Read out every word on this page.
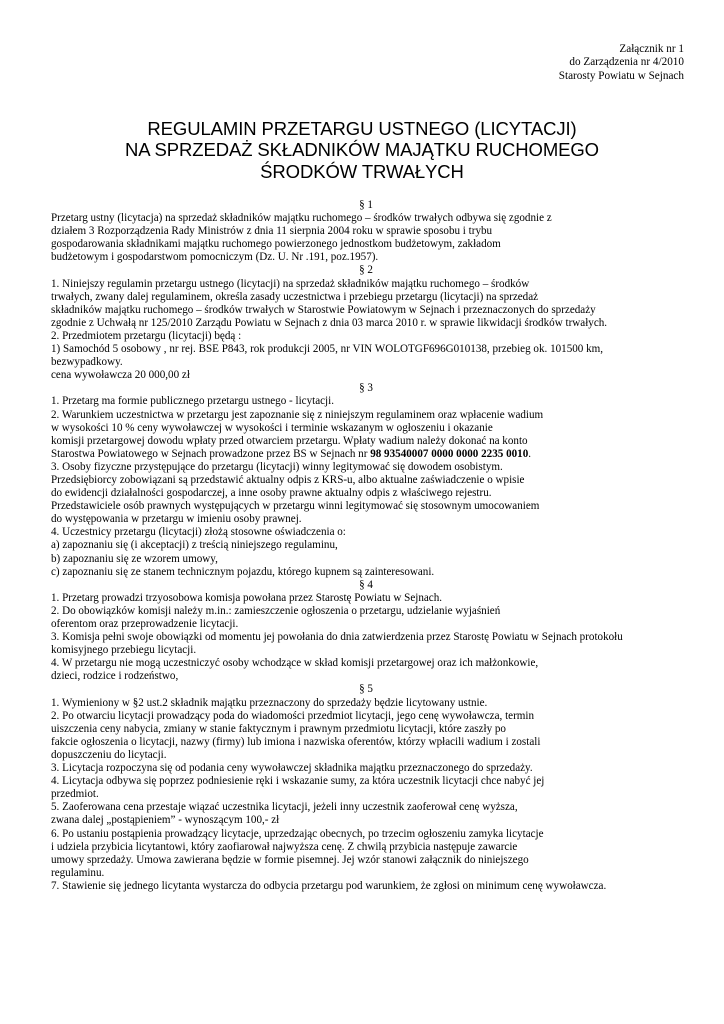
Załącznik nr 1
do Zarządzenia nr 4/2010
Starosty Powiatu w Sejnach
REGULAMIN PRZETARGU USTNEGO (LICYTACJI)
NA SPRZEDAŻ SKŁADNIKÓW MAJĄTKU RUCHOMEGO
ŚRODKÓW TRWAŁYCH
§ 1
Przetarg ustny (licytacja) na sprzedaż składników majątku ruchomego – środków trwałych odbywa się zgodnie z
działem 3 Rozporządzenia Rady Ministrów z dnia 11 sierpnia 2004 roku w sprawie sposobu i trybu
gospodarowania składnikami majątku ruchomego powierzonego jednostkom budżetowym, zakładom
budżetowym i gospodarstwom pomocniczym (Dz. U. Nr .191, poz.1957).
§ 2
1. Niniejszy regulamin przetargu ustnego (licytacji) na sprzedaż składników majątku ruchomego – środków
trwałych, zwany dalej regulaminem, określa zasady uczestnictwa i przebiegu przetargu (licytacji) na sprzedaż
składników majątku ruchomego – środków trwałych w Starostwie Powiatowym w Sejnach i przeznaczonych do sprzedaży
zgodnie z Uchwałą nr 125/2010 Zarządu Powiatu w Sejnach z dnia 03 marca 2010 r. w sprawie likwidacji środków trwałych.
2. Przedmiotem przetargu (licytacji) będą :
1) Samochód 5 osobowy , nr rej. BSE P843, rok produkcji 2005, nr VIN WOLOTGF696G010138, przebieg ok. 101500 km,
bezwypadkowy.
cena wywoławcza 20 000,00 zł
§ 3
1. Przetarg ma formie publicznego przetargu ustnego - licytacji.
2. Warunkiem uczestnictwa w przetargu jest zapoznanie się z niniejszym regulaminem oraz wpłacenie wadium
w wysokości 10 % ceny wywoławczej w wysokości i terminie wskazanym w ogłoszeniu i okazanie
komisji przetargowej dowodu wpłaty przed otwarciem przetargu. Wpłaty wadium należy dokonać na konto
Starostwa Powiatowego w Sejnach prowadzone przez BS w Sejnach nr 98 93540007 0000 0000 2235 0010.
3. Osoby fizyczne przystępujące do przetargu (licytacji) winny legitymować się dowodem osobistym.
Przedsiębiorcy zobowiązani są przedstawić aktualny odpis z KRS-u, albo aktualne zaświadczenie o wpisie
do ewidencji działalności gospodarczej, a inne osoby prawne aktualny odpis z właściwego rejestru.
Przedstawiciele osób prawnych występujących w przetargu winni legitymować się stosownym umocowaniem
do występowania w przetargu w imieniu osoby prawnej.
4. Uczestnicy przetargu (licytacji) złożą stosowne oświadczenia o:
a) zapoznaniu się (i akceptacji) z treścią niniejszego regulaminu,
b) zapoznaniu się ze wzorem umowy,
c) zapoznaniu się ze stanem technicznym pojazdu, którego kupnem są zainteresowani.
§ 4
1. Przetarg prowadzi trzyosobowa komisja powołana przez Starostę Powiatu w Sejnach.
2. Do obowiązków komisji należy m.in.: zamieszczenie ogłoszenia o przetargu, udzielanie wyjaśnień
oferentom oraz przeprowadzenie licytacji.
3. Komisja pełni swoje obowiązki od momentu jej powołania do dnia zatwierdzenia przez Starostę Powiatu w Sejnach protokołu
komisyjnego przebiegu licytacji.
4. W przetargu nie mogą uczestniczyć osoby wchodzące w skład komisji przetargowej oraz ich małżonkowie,
dzieci, rodzice i rodzeństwo,
§ 5
1. Wymieniony w §2 ust.2 składnik majątku przeznaczony do sprzedaży będzie licytowany ustnie.
2. Po otwarciu licytacji prowadzący poda do wiadomości przedmiot licytacji, jego cenę wywoławcza, termin
uiszczenia ceny nabycia, zmiany w stanie faktycznym i prawnym przedmiotu licytacji, które zaszły po
fakcie ogłoszenia o licytacji, nazwy (firmy) lub imiona i nazwiska oferentów, którzy wpłacili wadium i zostali
dopuszczeniu do licytacji.
3. Licytacja rozpoczyna się od podania ceny wywoławczej składnika majątku przeznaczonego do sprzedaży.
4. Licytacja odbywa się poprzez podniesienie ręki i wskazanie sumy, za która uczestnik licytacji chce nabyć jej
przedmiot.
5. Zaoferowana cena przestaje wiązać uczestnika licytacji, jeżeli inny uczestnik zaoferował cenę wyższa,
zwana dalej „postąpieniem” - wynoszącym 100,- zł
6. Po ustaniu postąpienia prowadzący licytacje, uprzedzając obecnych, po trzecim ogłoszeniu zamyka licytacje
i udziela przybicia licytantowi, który zaofiarował najwyższa cenę. Z chwilą przybicia następuje zawarcie
umowy sprzedaży. Umowa zawierana będzie w formie pisemnej. Jej wzór stanowi załącznik do niniejszego
regulaminu.
7. Stawienie się jednego licytanta wystarcza do odbycia przetargu pod warunkiem, że zgłosi on minimum cenę wywoławcza.
